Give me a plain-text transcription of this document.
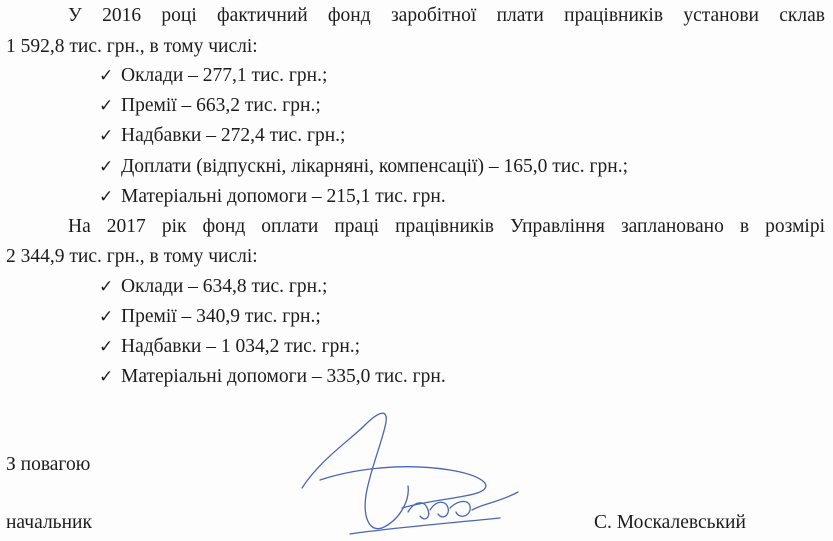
У 2016 році фактичний фонд заробітної плати працівників установи склав
1 592,8 тис. грн., в тому числі:
✓ Оклади – 277,1 тис. грн.;
✓ Премії – 663,2 тис. грн.;
✓ Надбавки – 272,4 тис. грн.;
✓ Доплати (відпускні, лікарняні, компенсації) – 165,0 тис. грн.;
✓ Матеріальні допомоги – 215,1 тис. грн.
На 2017 рік фонд оплати праці працівників Управління заплановано в розмірі
2 344,9 тис. грн., в тому числі:
✓ Оклади – 634,8 тис. грн.;
✓ Премії – 340,9 тис. грн.;
✓ Надбавки – 1 034,2 тис. грн.;
✓ Матеріальні допомоги – 335,0 тис. грн.
З повагою
начальник	С. Москалевський
